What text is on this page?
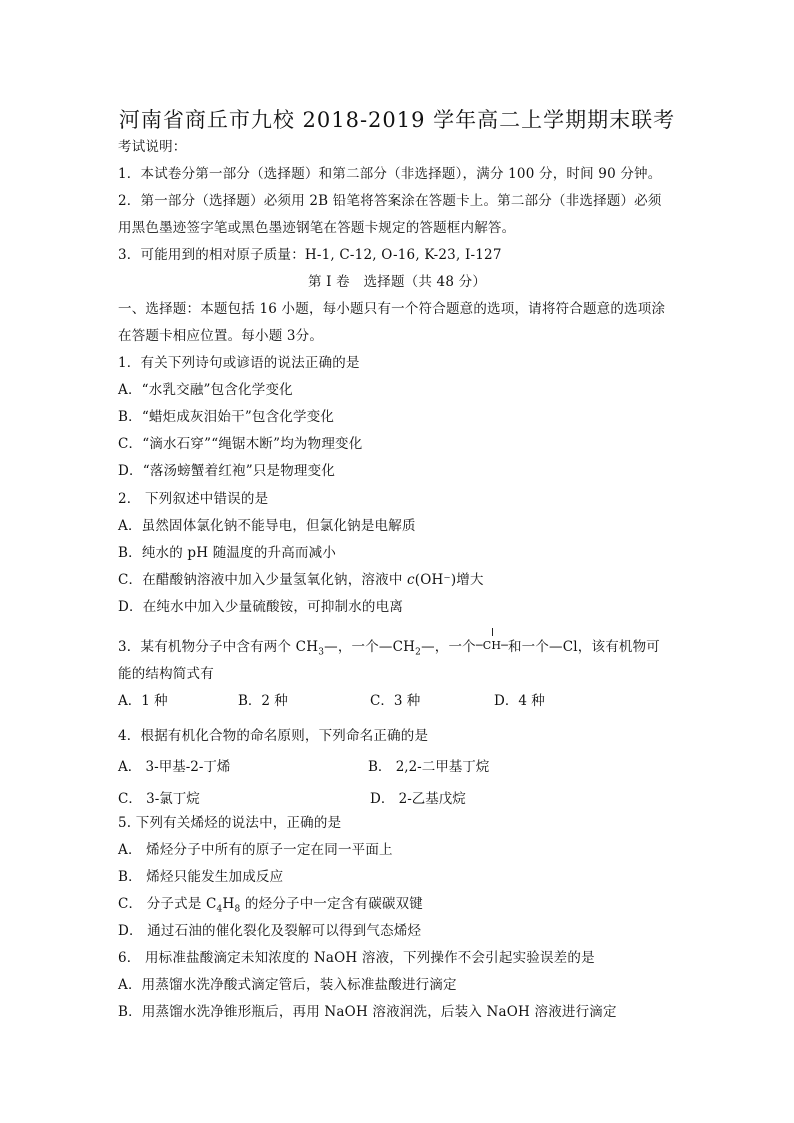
河南省商丘市九校 2018-2019 学年高二上学期期末联考
考试说明：
1．本试卷分第一部分（选择题）和第二部分（非选择题），满分 100 分，时间 90 分钟。
2．第一部分（选择题）必须用 2B 铅笔将答案涂在答题卡上。第二部分（非选择题）必须
用黑色墨迹签字笔或黑色墨迹钢笔在答题卡规定的答题框内解答。
3．可能用到的相对原子质量：H-1, C-12, O-16, K-23, I-127
第 I 卷　选择题（共 48 分）
一、选择题：本题包括 16 小题，每小题只有一个符合题意的选项，请将符合题意的选项涂
在答题卡相应位置。每小题 3分。
1．有关下列诗句或谚语的说法正确的是
A．“水乳交融”包含化学变化
B．“蜡炬成灰泪始干”包含化学变化
C．“滴水石穿”“绳锯木断”均为物理变化
D．“落汤螃蟹着红袍”只是物理变化
2． 下列叙述中错误的是
A．虽然固体氯化钠不能导电，但氯化钠是电解质
B．纯水的 pH 随温度的升高而减小
C．在醋酸钠溶液中加入少量氢氧化钠，溶液中 c(OH⁻)增大
D．在纯水中加入少量硫酸铵，可抑制水的电离
3．某有机物分子中含有两个 $CH_3—$，一个$—CH_2—$，一个
─CH─和一个—Cl，该有机物可
能的结构简式有
A．1 种	B．2 种	C．3 种	D．4 种
4．根据有机化合物的命名原则，下列命名正确的是
A． 3-甲基-2-丁烯	B． 2,2-二甲基丁烷
C． 3-氯丁烷	D． 2-乙基戊烷
5. 下列有关烯烃的说法中，正确的是
A． 烯烃分子中所有的原子一定在同一平面上
B． 烯烃只能发生加成反应
C． 分子式是 $C_4H_8$ 的烃分子中一定含有碳碳双键
D． 通过石油的催化裂化及裂解可以得到气态烯烃
6． 用标准盐酸滴定未知浓度的 NaOH 溶液，下列操作不会引起实验误差的是
A．用蒸馏水洗净酸式滴定管后，装入标准盐酸进行滴定
B．用蒸馏水洗净锥形瓶后，再用 NaOH 溶液润洗，后装入 NaOH 溶液进行滴定
